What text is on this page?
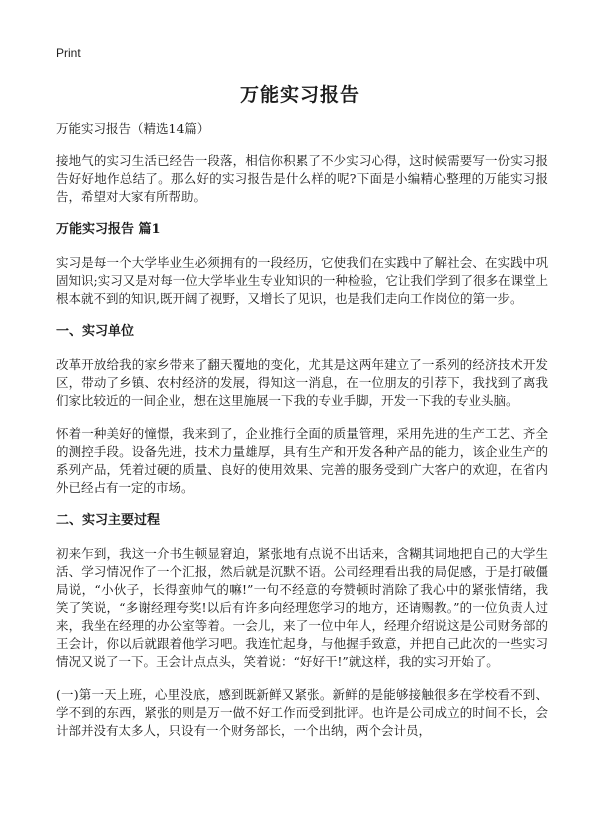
Print
万能实习报告

万能实习报告（精选14篇）

接地气的实习生活已经告一段落，相信你积累了不少实习心得，这时候需要写一份实习报告好好地作总结了。那么好的实习报告是什么样的呢?下面是小编精心整理的万能实习报告，希望对大家有所帮助。

万能实习报告 篇1

实习是每一个大学毕业生必须拥有的一段经历，它使我们在实践中了解社会、在实践中巩固知识;实习又是对每一位大学毕业生专业知识的一种检验，它让我们学到了很多在课堂上根本就不到的知识,既开阔了视野，又增长了见识，也是我们走向工作岗位的第一步。

一、实习单位

改革开放给我的家乡带来了翻天覆地的变化，尤其是这两年建立了一系列的经济技术开发区，带动了乡镇、农村经济的发展，得知这一消息，在一位朋友的引荐下，我找到了离我们家比较近的一间企业，想在这里施展一下我的专业手脚，开发一下我的专业头脑。

怀着一种美好的憧憬，我来到了，企业推行全面的质量管理，采用先进的生产工艺、齐全的测控手段。设备先进，技术力量雄厚，具有生产和开发各种产品的能力，该企业生产的系列产品，凭着过硬的质量、良好的使用效果、完善的服务受到广大客户的欢迎，在省内外已经占有一定的市场。

二、实习主要过程

初来乍到，我这一介书生顿显窘迫，紧张地有点说不出话来，含糊其词地把自己的大学生活、学习情况作了一个汇报，然后就是沉默不语。公司经理看出我的局促感，于是打破僵局说，“小伙子，长得蛮帅气的嘛!”一句不经意的夸赞顿时消除了我心中的紧张情绪，我笑了笑说，“多谢经理夸奖!以后有许多向经理您学习的地方，还请赐教。”的一位负责人过来，我坐在经理的办公室等着。一会儿，来了一位中年人，经理介绍说这是公司财务部的王会计，你以后就跟着他学习吧。我连忙起身，与他握手致意，并把自己此次的一些实习情况又说了一下。王会计点点头，笑着说：“好好干!”就这样，我的实习开始了。

(一)第一天上班，心里没底，感到既新鲜又紧张。新鲜的是能够接触很多在学校看不到、学不到的东西，紧张的则是万一做不好工作而受到批评。也许是公司成立的时间不长，会计部并没有太多人，只设有一个财务部长，一个出纳，两个会计员，
